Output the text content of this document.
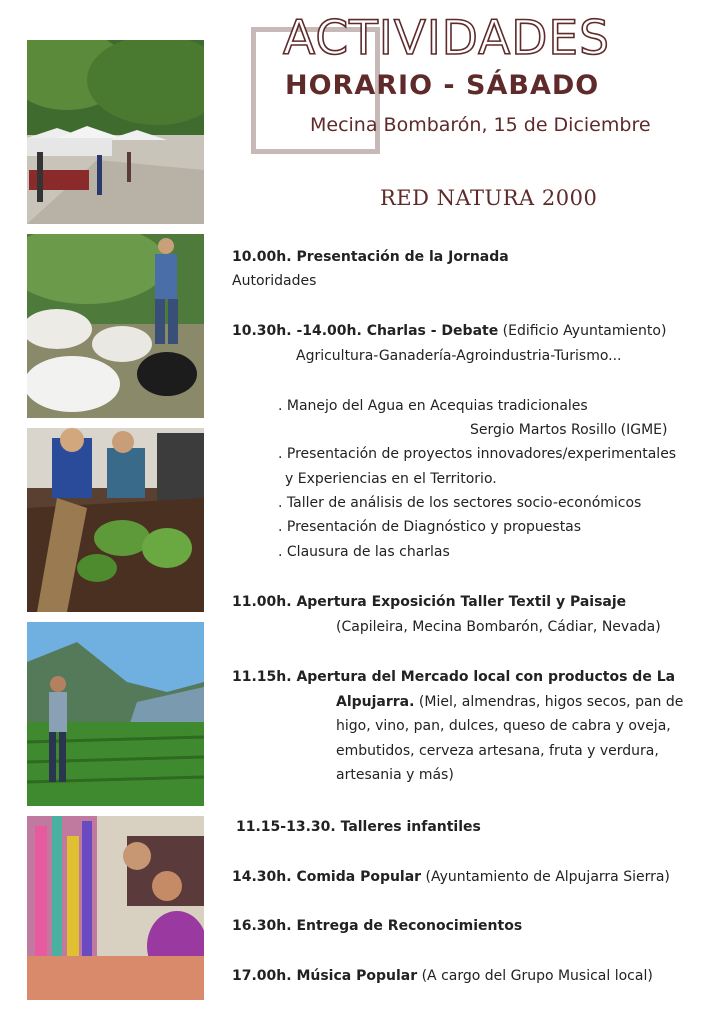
ACTIVIDADES
HORARIO - SÁBADO
Mecina Bombarón, 15 de Diciembre
RED NATURA 2000
10.00h. Presentación de la Jornada
Autoridades
10.30h. -14.00h. Charlas - Debate (Edificio Ayuntamiento)
Agricultura-Ganadería-Agroindustria-Turismo...
. Manejo del Agua en Acequias tradicionales
Sergio Martos Rosillo (IGME)
. Presentación de proyectos innovadores/experimentales
y Experiencias en el Territorio.
. Taller de análisis de los sectores socio-económicos
. Presentación de Diagnóstico y propuestas
. Clausura de las charlas
11.00h. Apertura Exposición Taller Textil y Paisaje
(Capileira, Mecina Bombarón, Cádiar, Nevada)
11.15h. Apertura del Mercado local con productos de La
Alpujarra. (Miel, almendras, higos secos, pan de
higo, vino, pan, dulces, queso de cabra y oveja,
embutidos, cerveza artesana, fruta y verdura,
artesania y más)
11.15-13.30. Talleres infantiles
14.30h. Comida Popular (Ayuntamiento de Alpujarra Sierra)
16.30h. Entrega de Reconocimientos
17.00h. Música Popular (A cargo del Grupo Musical local)
